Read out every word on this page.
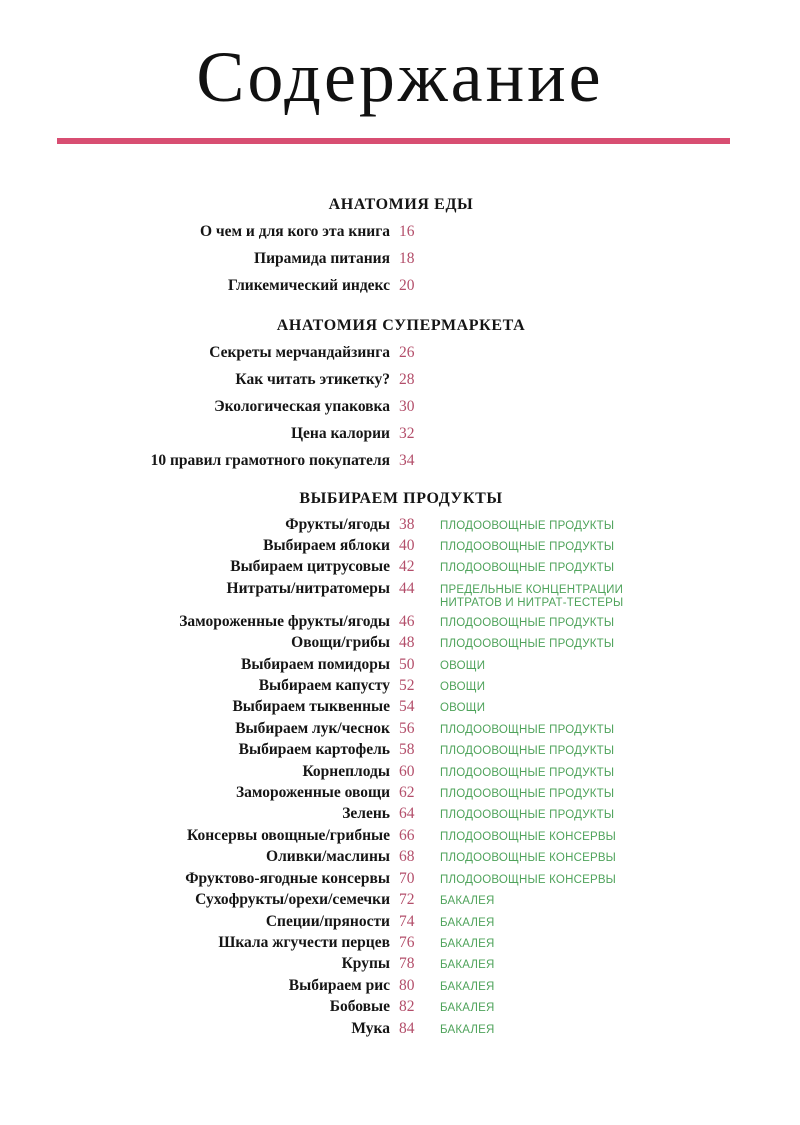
Содержание
АНАТОМИЯ ЕДЫ
О чем и для кого эта книга 16
Пирамида питания 18
Гликемический индекс 20
АНАТОМИЯ СУПЕРМАРКЕТА
Секреты мерчандайзинга 26
Как читать этикетку? 28
Экологическая упаковка 30
Цена калории 32
10 правил грамотного покупателя 34
ВЫБИРАЕМ ПРОДУКТЫ
Фрукты/ягоды 38	ПЛОДООВОЩНЫЕ ПРОДУКТЫ
Выбираем яблоки 40	ПЛОДООВОЩНЫЕ ПРОДУКТЫ
Выбираем цитрусовые 42	ПЛОДООВОЩНЫЕ ПРОДУКТЫ
Нитраты/нитратомеры 44	ПРЕДЕЛЬНЫЕ КОНЦЕНТРАЦИИ НИТРАТОВ И НИТРАТ-ТЕСТЕРЫ
Замороженные фрукты/ягоды 46	ПЛОДООВОЩНЫЕ ПРОДУКТЫ
Овощи/грибы 48	ПЛОДООВОЩНЫЕ ПРОДУКТЫ
Выбираем помидоры 50	ОВОЩИ
Выбираем капусту 52	ОВОЩИ
Выбираем тыквенные 54	ОВОЩИ
Выбираем лук/чеснок 56	ПЛОДООВОЩНЫЕ ПРОДУКТЫ
Выбираем картофель 58	ПЛОДООВОЩНЫЕ ПРОДУКТЫ
Корнеплоды 60	ПЛОДООВОЩНЫЕ ПРОДУКТЫ
Замороженные овощи 62	ПЛОДООВОЩНЫЕ ПРОДУКТЫ
Зелень 64	ПЛОДООВОЩНЫЕ ПРОДУКТЫ
Консервы овощные/грибные 66	ПЛОДООВОЩНЫЕ КОНСЕРВЫ
Оливки/маслины 68	ПЛОДООВОЩНЫЕ КОНСЕРВЫ
Фруктово-ягодные консервы 70	ПЛОДООВОЩНЫЕ КОНСЕРВЫ
Сухофрукты/орехи/семечки 72	БАКАЛЕЯ
Специи/пряности 74	БАКАЛЕЯ
Шкала жгучести перцев 76	БАКАЛЕЯ
Крупы 78	БАКАЛЕЯ
Выбираем рис 80	БАКАЛЕЯ
Бобовые 82	БАКАЛЕЯ
Мука 84	БАКАЛЕЯ
